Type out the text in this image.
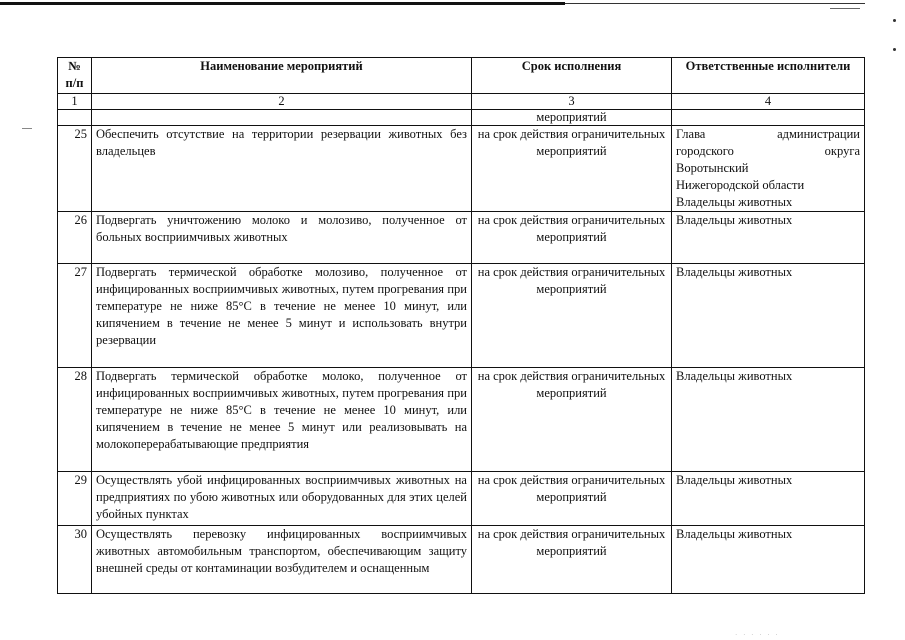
№
п/п	Наименование мероприятий	Срок исполнения	Ответственные исполнители
1	2	3	4
		мероприятий	
25	Обеспечить отсутствие на территории резервации животных без владельцев	на срок действия ограничительных мероприятий	Глава администрации
городского округа
Воротынский
Нижегородской области
Владельцы животных

26	Подвергать уничтожению молоко и молозиво, полученное от больных восприимчивых животных	на срок действия ограничительных мероприятий	Владельцы животных
27	Подвергать термической обработке молозиво, полученное от инфицированных восприимчивых животных, путем прогревания при температуре не ниже 85°C в течение не менее 10 минут, или кипячением в течение не менее 5 минут и использовать внутри резервации	на срок действия ограничительных мероприятий	Владельцы животных
28	Подвергать термической обработке молоко, полученное от инфицированных восприимчивых животных, путем прогревания при температуре не ниже 85°C в течение не менее 10 минут, или кипячением в течение не менее 5 минут или реализовывать на молокоперерабатывающие предприятия	на срок действия ограничительных мероприятий	Владельцы животных
29	Осуществлять убой инфицированных восприимчивых животных на предприятиях по убою животных или оборудованных для этих целей убойных пунктах	на срок действия ограничительных мероприятий	Владельцы животных
30	Осуществлять перевозку инфицированных восприимчивых животных автомобильным транспортом, обеспечивающим защиту внешней среды от контаминации возбудителем и оснащенным	на срок действия ограничительных мероприятий	Владельцы животных
· · · · · ·
